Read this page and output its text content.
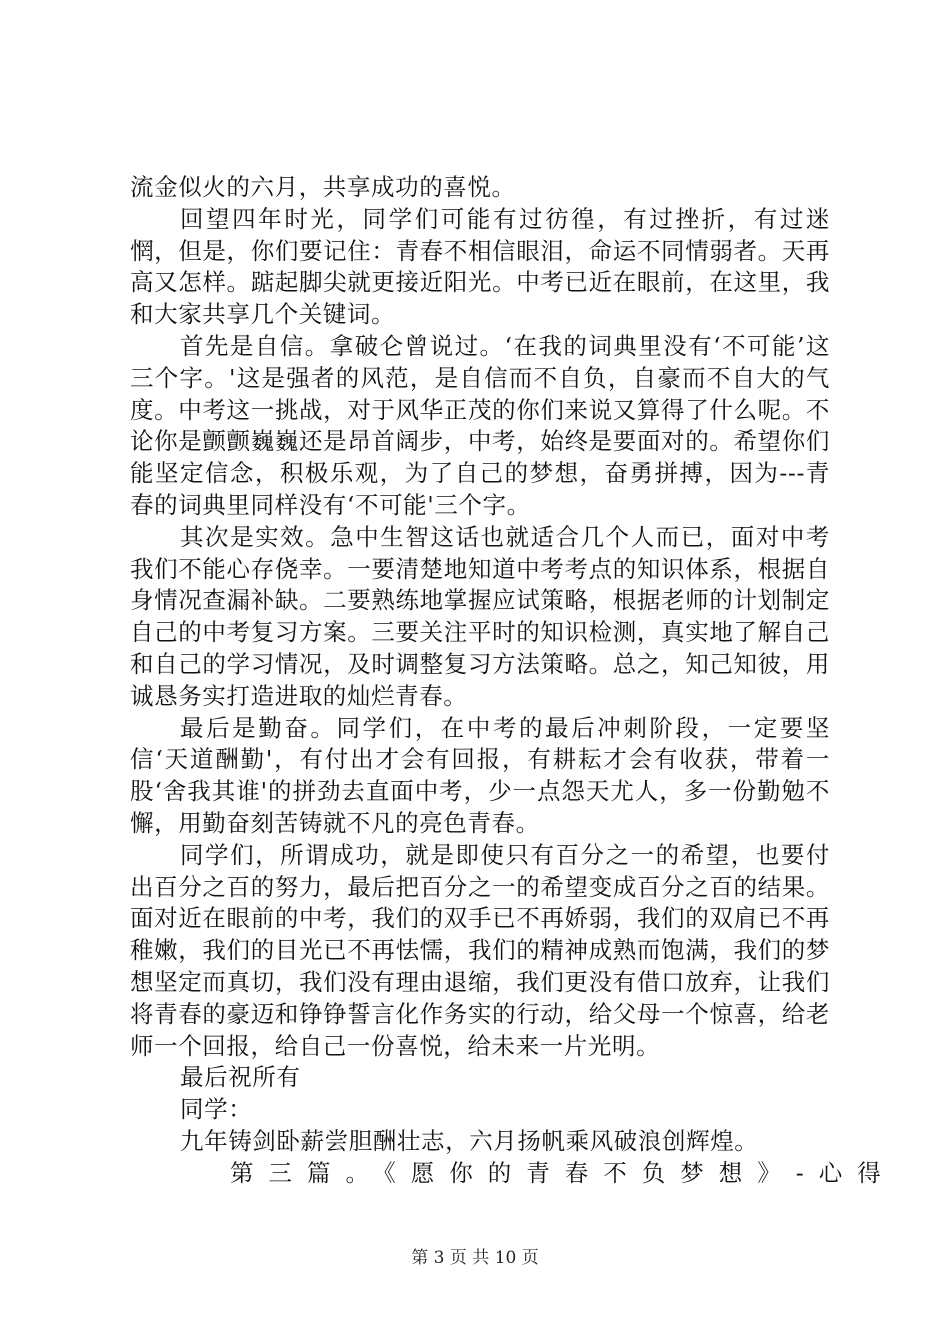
流金似火的六月，共享成功的喜悦。

回望四年时光，同学们可能有过彷徨，有过挫折，有过迷惘，但是，你们要记住：青春不相信眼泪，命运不同情弱者。天再高又怎样。踮起脚尖就更接近阳光。中考已近在眼前，在这里，我和大家共享几个关键词。

首先是自信。拿破仑曾说过。‘在我的词典里没有‘不可能’这三个字。'这是强者的风范，是自信而不自负，自豪而不自大的气度。中考这一挑战，对于风华正茂的你们来说又算得了什么呢。不论你是颤颤巍巍还是昂首阔步，中考，始终是要面对的。希望你们能坚定信念，积极乐观，为了自己的梦想，奋勇拼搏，因为---青春的词典里同样没有‘不可能'三个字。

其次是实效。急中生智这话也就适合几个人而已，面对中考我们不能心存侥幸。一要清楚地知道中考考点的知识体系，根据自身情况查漏补缺。二要熟练地掌握应试策略，根据老师的计划制定自己的中考复习方案。三要关注平时的知识检测，真实地了解自己和自己的学习情况，及时调整复习方法策略。总之，知己知彼，用诚恳务实打造进取的灿烂青春。

最后是勤奋。同学们，在中考的最后冲刺阶段，一定要坚信‘天道酬勤'，有付出才会有回报，有耕耘才会有收获，带着一股‘舍我其谁'的拼劲去直面中考，少一点怨天尤人，多一份勤勉不懈，用勤奋刻苦铸就不凡的亮色青春。

同学们，所谓成功，就是即使只有百分之一的希望，也要付出百分之百的努力，最后把百分之一的希望变成百分之百的结果。面对近在眼前的中考，我们的双手已不再娇弱，我们的双肩已不再稚嫩，我们的目光已不再怯懦，我们的精神成熟而饱满，我们的梦想坚定而真切，我们没有理由退缩，我们更没有借口放弃，让我们将青春的豪迈和铮铮誓言化作务实的行动，给父母一个惊喜，给老师一个回报，给自己一份喜悦，给未来一片光明。

最后祝所有

同学：

九年铸剑卧薪尝胆酬壮志，六月扬帆乘风破浪创辉煌。

第三篇。《愿你的青春不负梦想》-心得

第 3 页 共 10 页
